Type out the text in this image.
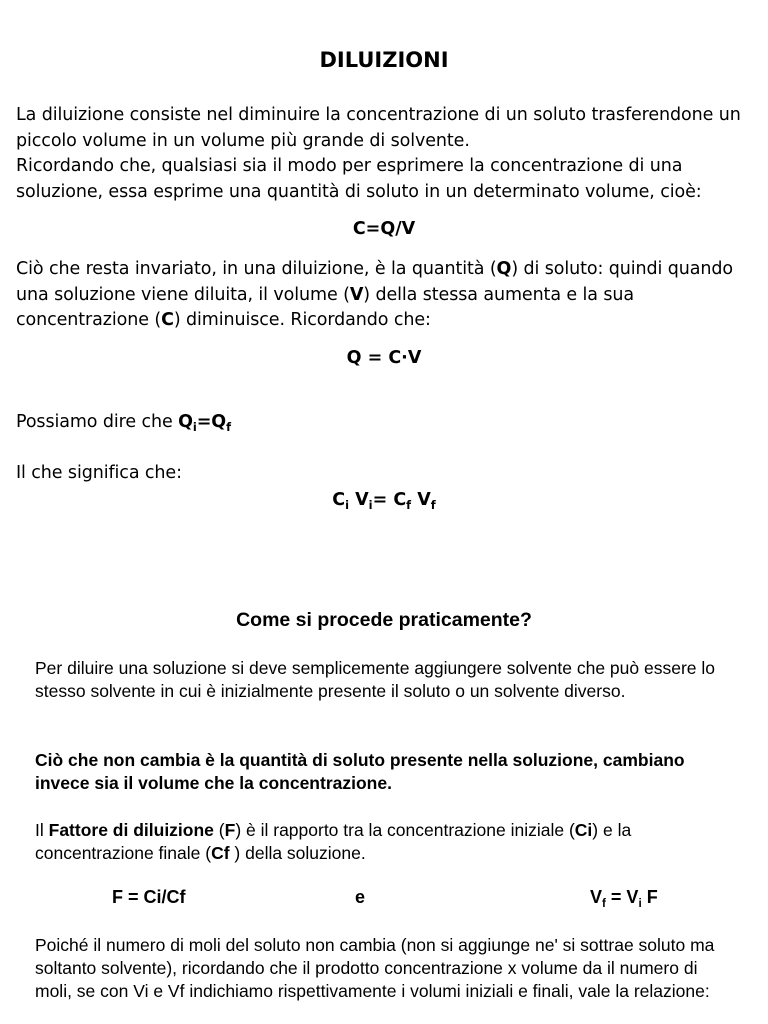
DILUIZIONI
La diluizione consiste nel diminuire la concentrazione di un soluto trasferendone un piccolo volume in un volume più grande di solvente.
Ricordando che, qualsiasi sia il modo per esprimere la concentrazione di una soluzione, essa esprime una quantità di soluto in un determinato volume, cioè:
C=Q/V
Ciò che resta invariato, in una diluizione, è la quantità (Q) di soluto: quindi quando una soluzione viene diluita, il volume (V) della stessa aumenta e la sua concentrazione (C) diminuisce. Ricordando che:
Q = C·V
Possiamo dire che $Q_i=Q_f$
Il che significa che:
$C_i$ $V_i= C_f$ $V_f$
Come si procede praticamente?
Per diluire una soluzione si deve semplicemente aggiungere solvente che può essere lo stesso solvente in cui è inizialmente presente il soluto o un solvente diverso.
Ciò che non cambia è la quantità di soluto presente nella soluzione, cambiano invece sia il volume che la concentrazione.
Il Fattore di diluizione (F) è il rapporto tra la concentrazione iniziale (Ci) e la concentrazione finale (Cf ) della soluzione.
F = Ci/Cf	e	$V_f = V_i$ F
Poiché il numero di moli del soluto non cambia (non si aggiunge ne' si sottrae soluto ma soltanto solvente), ricordando che il prodotto concentrazione x volume da il numero di moli, se con Vi e Vf indichiamo rispettivamente i volumi iniziali e finali, vale la relazione:
